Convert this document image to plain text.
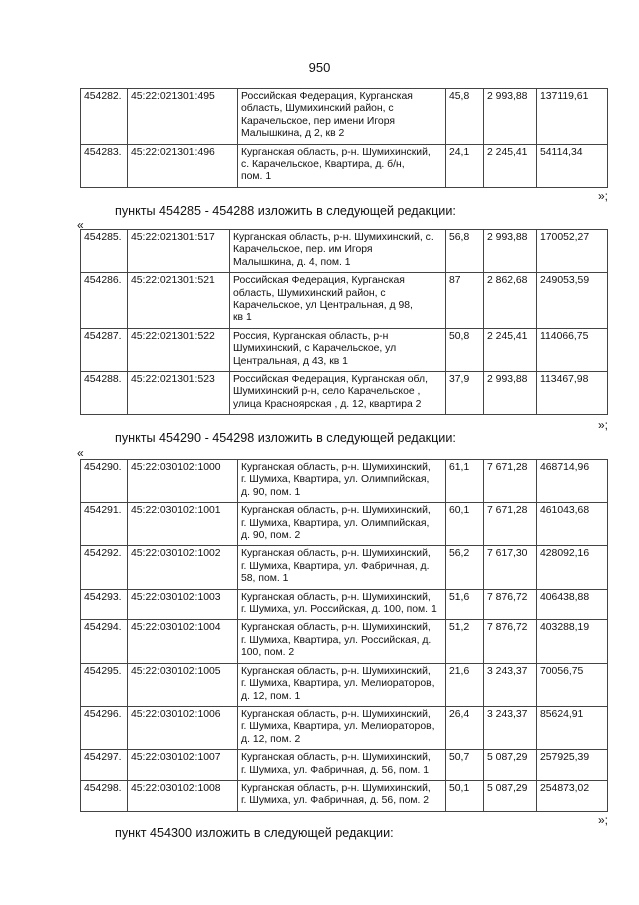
950
454282.	45:22:021301:495	Российская Федерация, Курганская
область, Шумихинский район, с
Карачельское, пер имени Игоря
Малышкина, д 2, кв 2	45,8	2 993,88	137119,61
454283.	45:22:021301:496	Курганская область, р-н. Шумихинский,
с. Карачельское, Квартира, д. б/н,
пом. 1	24,1	2 245,41	54114,34
»;
пункты 454285 - 454288 изложить в следующей редакции:
«
454285.	45:22:021301:517	Курганская область, р-н. Шумихинский, с.
Карачельское, пер. им Игоря
Малышкина, д. 4, пом. 1	56,8	2 993,88	170052,27
454286.	45:22:021301:521	Российская Федерация, Курганская
область, Шумихинский район, с
Карачельское, ул Центральная, д 98,
кв 1	87	2 862,68	249053,59
454287.	45:22:021301:522	Россия, Курганская область, р-н
Шумихинский, с Карачельское, ул
Центральная, д 43, кв 1	50,8	2 245,41	114066,75
454288.	45:22:021301:523	Российская Федерация, Курганская обл,
Шумихинский р-н, село Карачельское ,
улица Красноярская , д. 12, квартира 2	37,9	2 993,88	113467,98
»;
пункты 454290 - 454298 изложить в следующей редакции:
«
454290.	45:22:030102:1000	Курганская область, р-н. Шумихинский,
г. Шумиха, Квартира, ул. Олимпийская,
д. 90, пом. 1	61,1	7 671,28	468714,96
454291.	45:22:030102:1001	Курганская область, р-н. Шумихинский,
г. Шумиха, Квартира, ул. Олимпийская,
д. 90, пом. 2	60,1	7 671,28	461043,68
454292.	45:22:030102:1002	Курганская область, р-н. Шумихинский,
г. Шумиха, Квартира, ул. Фабричная, д.
58, пом. 1	56,2	7 617,30	428092,16
454293.	45:22:030102:1003	Курганская область, р-н. Шумихинский,
г. Шумиха, ул. Российская, д. 100, пом. 1	51,6	7 876,72	406438,88
454294.	45:22:030102:1004	Курганская область, р-н. Шумихинский,
г. Шумиха, Квартира, ул. Российская, д.
100, пом. 2	51,2	7 876,72	403288,19
454295.	45:22:030102:1005	Курганская область, р-н. Шумихинский,
г. Шумиха, Квартира, ул. Мелиораторов,
д. 12, пом. 1	21,6	3 243,37	70056,75
454296.	45:22:030102:1006	Курганская область, р-н. Шумихинский,
г. Шумиха, Квартира, ул. Мелиораторов,
д. 12, пом. 2	26,4	3 243,37	85624,91
454297.	45:22:030102:1007	Курганская область, р-н. Шумихинский,
г. Шумиха, ул. Фабричная, д. 56, пом. 1	50,7	5 087,29	257925,39
454298.	45:22:030102:1008	Курганская область, р-н. Шумихинский,
г. Шумиха, ул. Фабричная, д. 56, пом. 2	50,1	5 087,29	254873,02
»;
пункт 454300 изложить в следующей редакции:
